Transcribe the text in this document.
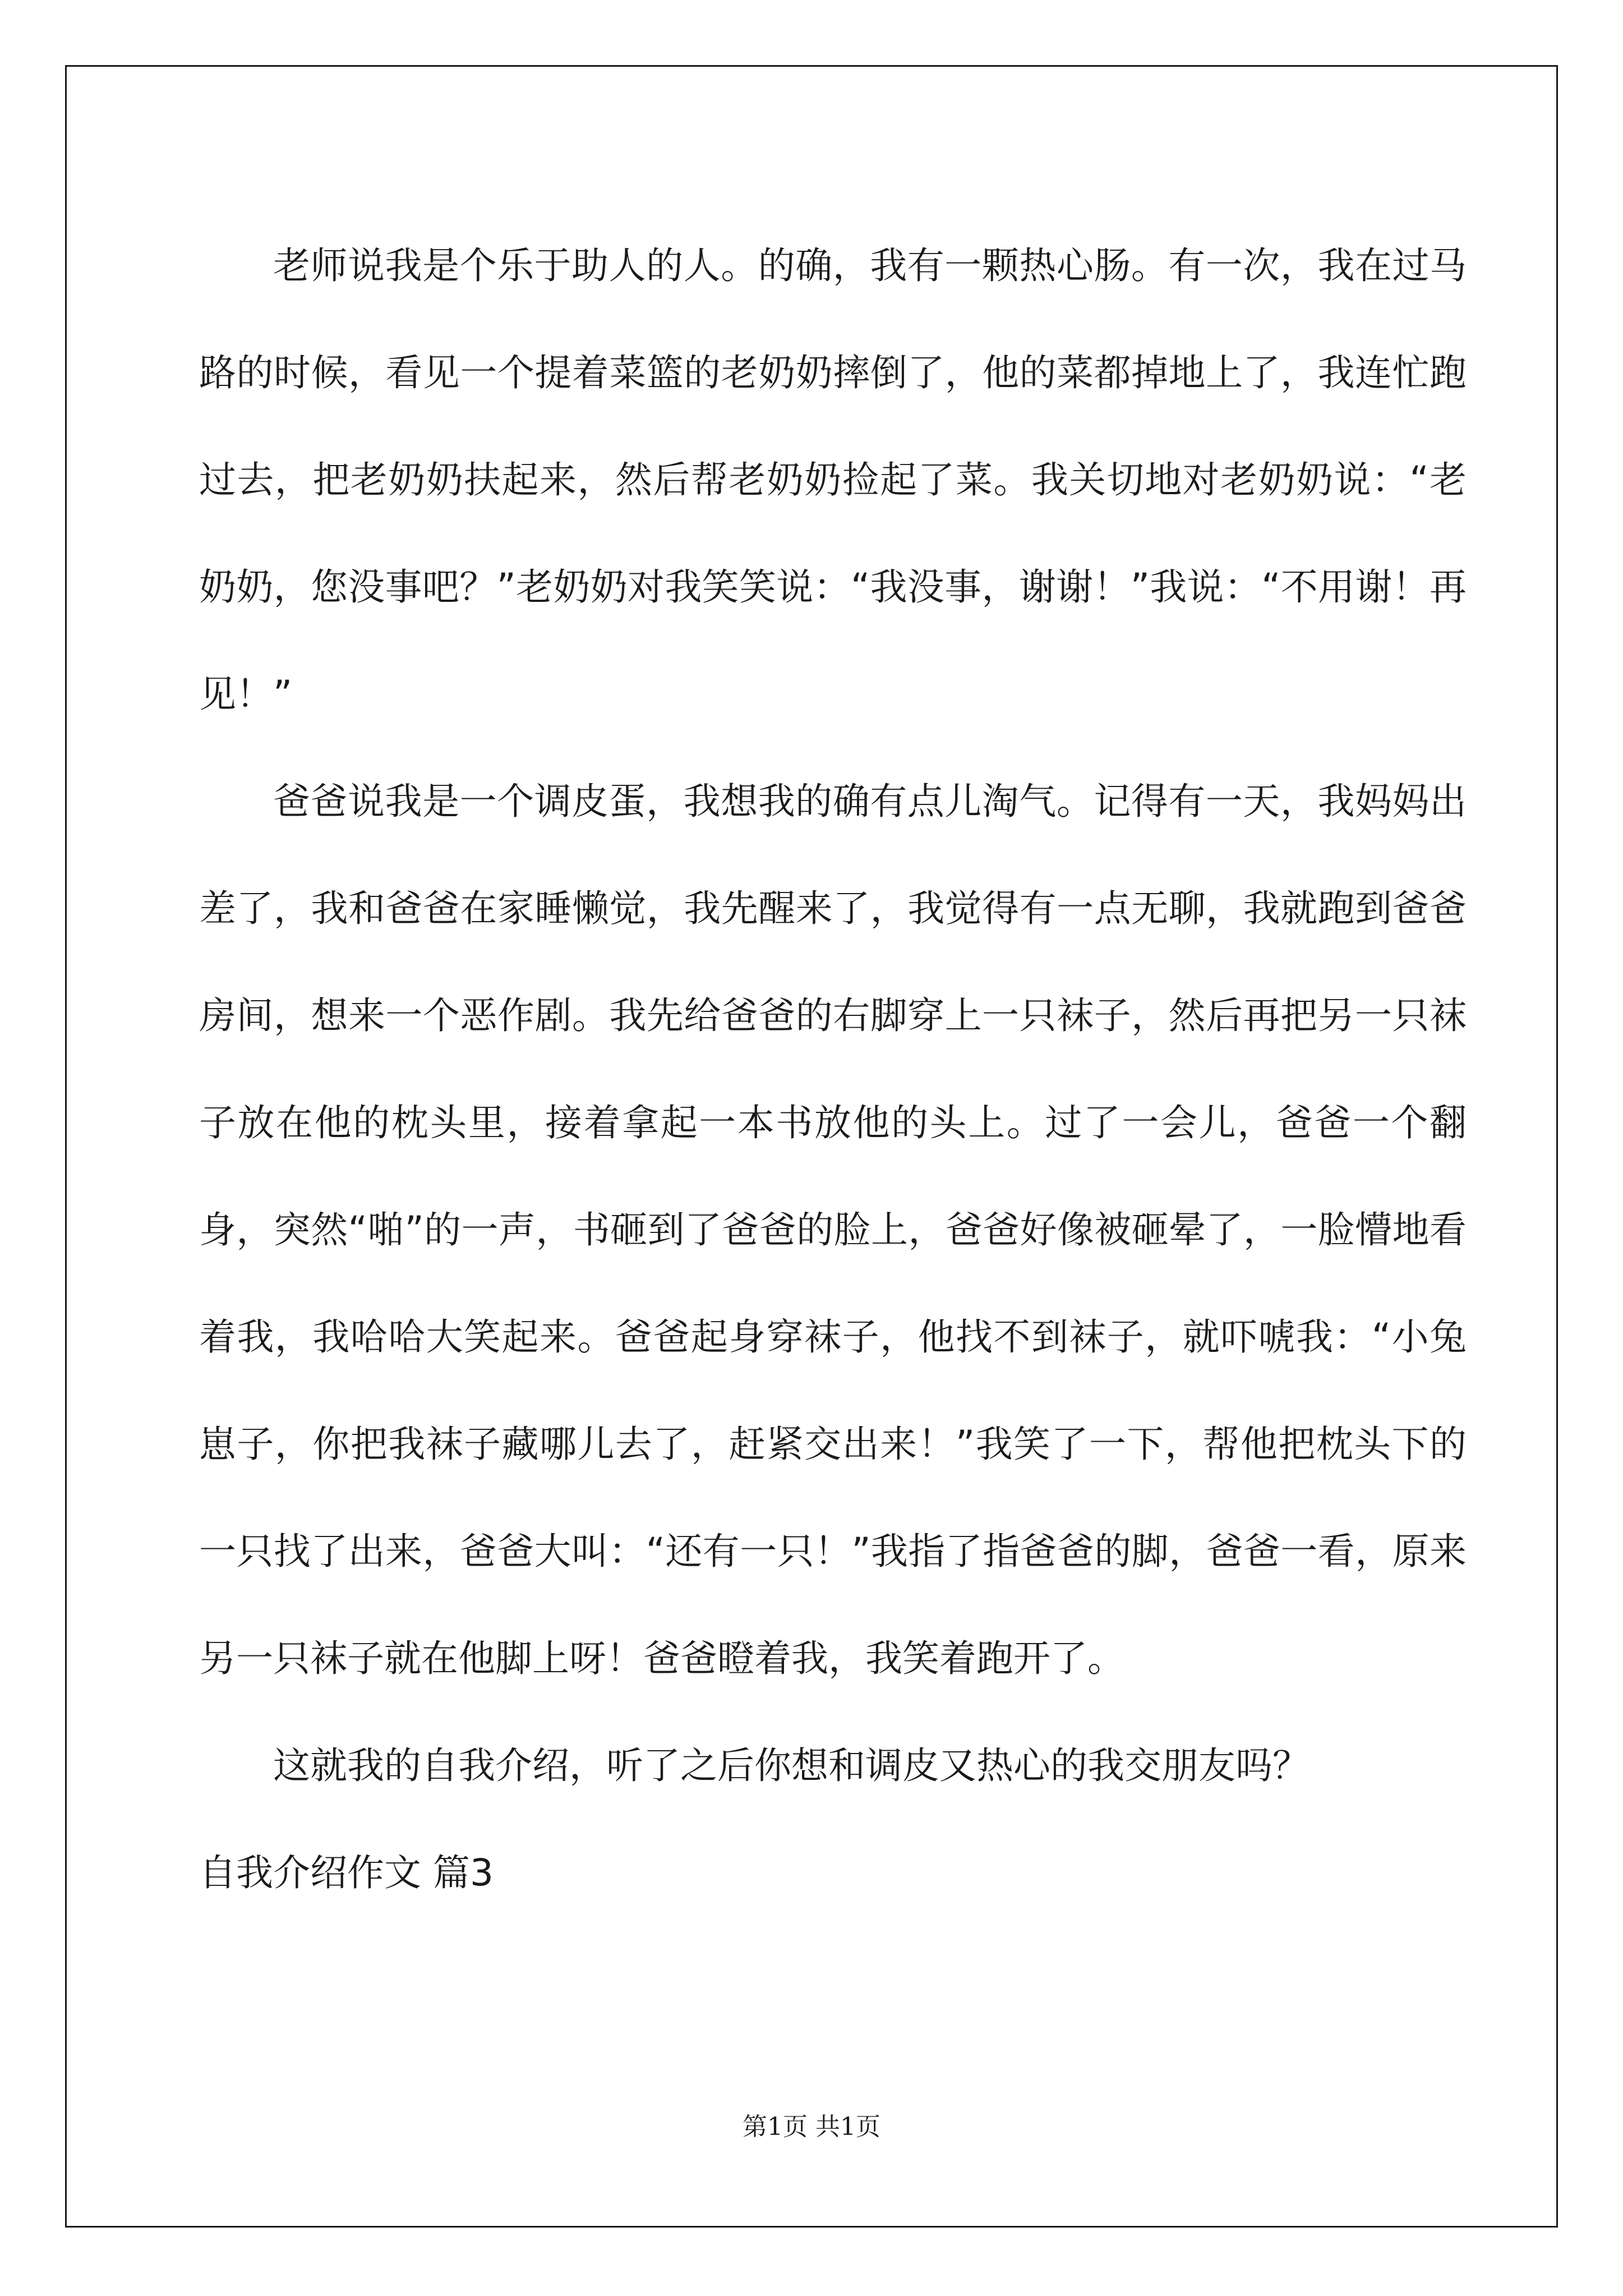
老师说我是个乐于助人的人。的确，我有一颗热心肠。有一次，我在过马路的时候，看见一个提着菜篮的老奶奶摔倒了，他的菜都掉地上了，我连忙跑过去，把老奶奶扶起来，然后帮老奶奶捡起了菜。我关切地对老奶奶说：“老奶奶，您没事吧？”老奶奶对我笑笑说：“我没事，谢谢！”我说：“不用谢！再见！”

爸爸说我是一个调皮蛋，我想我的确有点儿淘气。记得有一天，我妈妈出差了，我和爸爸在家睡懒觉，我先醒来了，我觉得有一点无聊，我就跑到爸爸房间，想来一个恶作剧。我先给爸爸的右脚穿上一只袜子，然后再把另一只袜子放在他的枕头里，接着拿起一本书放他的头上。过了一会儿，爸爸一个翻身，突然“啪”的一声，书砸到了爸爸的脸上，爸爸好像被砸晕了，一脸懵地看着我，我哈哈大笑起来。爸爸起身穿袜子，他找不到袜子，就吓唬我：“小兔崽子，你把我袜子藏哪儿去了，赶紧交出来！”我笑了一下，帮他把枕头下的一只找了出来，爸爸大叫：“还有一只！”我指了指爸爸的脚，爸爸一看，原来另一只袜子就在他脚上呀！爸爸瞪着我，我笑着跑开了。

这就我的自我介绍，听了之后你想和调皮又热心的我交朋友吗？

自我介绍作文 篇3

第1页 共1页
